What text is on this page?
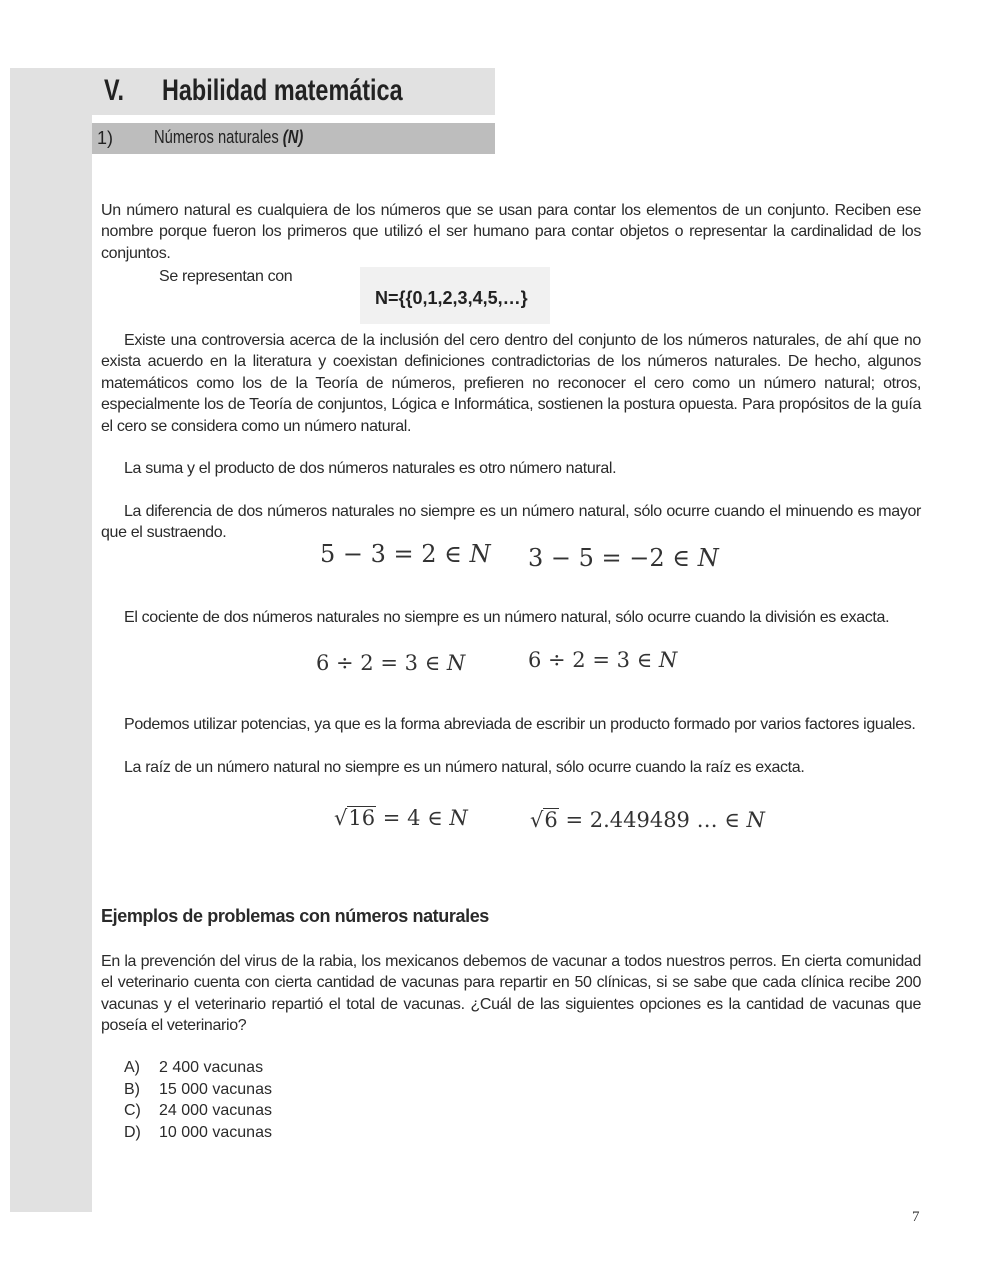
V. Habilidad matemática
1) Números naturales (N)
Un número natural es cualquiera de los números que se usan para contar los elementos de un conjunto. Reciben ese nombre porque fueron los primeros que utilizó el ser humano para contar objetos o representar la cardinalidad de los conjuntos.
Se representan con
N={{0,1,2,3,4,5,…}
Existe una controversia acerca de la inclusión del cero dentro del conjunto de los números naturales, de ahí que no exista acuerdo en la literatura y coexistan definiciones contradictorias de los números naturales. De hecho, algunos matemáticos como los de la Teoría de números, prefieren no reconocer el cero como un número natural; otros, especialmente los de Teoría de conjuntos, Lógica e Informática, sostienen la postura opuesta. Para propósitos de la guía el cero se considera como un número natural.
La suma y el producto de dos números naturales es otro número natural.
La diferencia de dos números naturales no siempre es un número natural, sólo ocurre cuando el minuendo es mayor que el sustraendo.
5 − 3 = 2 ∈ N 3 − 5 = −2 ∈ N
El cociente de dos números naturales no siempre es un número natural, sólo ocurre cuando la división es exacta.
6 ÷ 2 = 3 ∈ N	6 ÷ 2 = 3 ∈ N
Podemos utilizar potencias, ya que es la forma abreviada de escribir un producto formado por varios factores iguales.
La raíz de un número natural no siempre es un número natural, sólo ocurre cuando la raíz es exacta.
√16 = 4 ∈ N	√6 = 2.449489 … ∈ N
Ejemplos de problemas con números naturales
En la prevención del virus de la rabia, los mexicanos debemos de vacunar a todos nuestros perros. En cierta comunidad el veterinario cuenta con cierta cantidad de vacunas para repartir en 50 clínicas, si se sabe que cada clínica recibe 200 vacunas y el veterinario repartió el total de vacunas. ¿Cuál de las siguientes opciones es la cantidad de vacunas que poseía el veterinario?
A) 2 400 vacunas
B) 15 000 vacunas
C) 24 000 vacunas
D) 10 000 vacunas
7
